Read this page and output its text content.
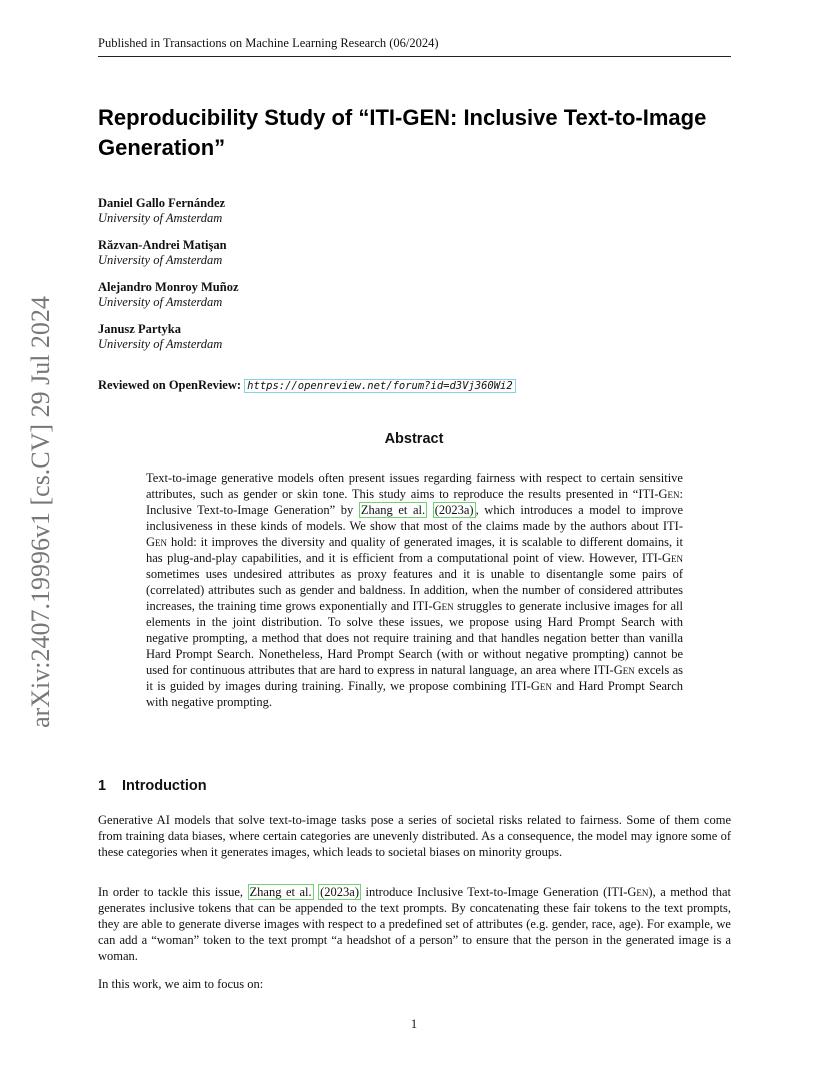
Published in Transactions on Machine Learning Research (06/2024)
Reproducibility Study of “ITI-GEN: Inclusive Text-to-Image Generation”
Daniel Gallo Fernández
University of Amsterdam
Răzvan-Andrei Matişan
University of Amsterdam
Alejandro Monroy Muñoz
University of Amsterdam
Janusz Partyka
University of Amsterdam
Reviewed on OpenReview: https://openreview.net/forum?id=d3Vj360Wi2
Abstract

Text-to-image generative models often present issues regarding fairness with respect to certain sensitive attributes, such as gender or skin tone. This study aims to reproduce the results presented in “ITI-Gen: Inclusive Text-to-Image Generation” by Zhang et al. (2023a) , which introduces a model to improve inclusiveness in these kinds of models. We show that most of the claims made by the authors about ITI-Gen hold: it improves the diversity and quality of generated images, it is scalable to different domains, it has plug-and-play capabilities, and it is efficient from a computational point of view. However, ITI-Gen sometimes uses undesired attributes as proxy features and it is unable to disentangle some pairs of (correlated) attributes such as gender and baldness. In addition, when the number of considered attributes increases, the training time grows exponentially and ITI-Gen struggles to generate inclusive images for all elements in the joint distribution. To solve these issues, we propose using Hard Prompt Search with negative prompting, a method that does not require training and that handles negation better than vanilla Hard Prompt Search. Nonetheless, Hard Prompt Search (with or without negative prompting) cannot be used for continuous attributes that are hard to express in natural language, an area where ITI-Gen excels as it is guided by images during training. Finally, we propose combining ITI-Gen and Hard Prompt Search with negative prompting.

1 Introduction

Generative AI models that solve text-to-image tasks pose a series of societal risks related to fairness. Some of them come from training data biases, where certain categories are unevenly distributed. As a consequence, the model may ignore some of these categories when it generates images, which leads to societal biases on minority groups.

In order to tackle this issue, Zhang et al. (2023a) introduce Inclusive Text-to-Image Generation (ITI-Gen), a method that generates inclusive tokens that can be appended to the text prompts. By concatenating these fair tokens to the text prompts, they are able to generate diverse images with respect to a predefined set of attributes (e.g. gender, race, age). For example, we can add a “woman” token to the text prompt “a headshot of a person” to ensure that the person in the generated image is a woman.

In this work, we aim to focus on:

1
arXiv:2407.19996v1 [cs.CV] 29 Jul 2024
